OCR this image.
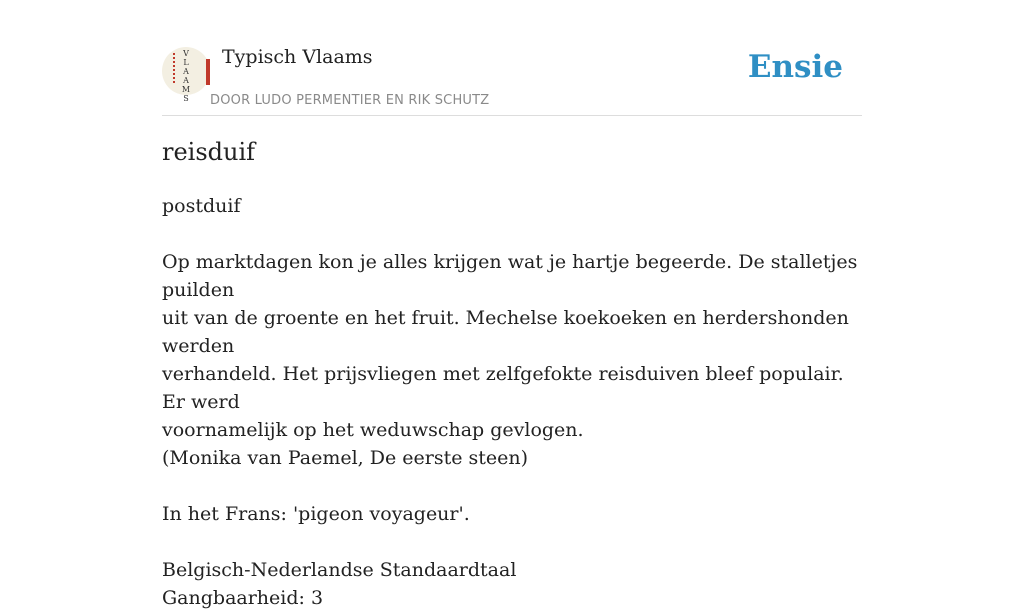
V L A A M S
Typisch Vlaams
DOOR LUDO PERMENTIER EN RIK SCHUTZ
Ensie
reisduif

postduif

Op marktdagen kon je alles krijgen wat je hartje begeerde. De stalletjes puilden

uit van de groente en het fruit. Mechelse koekoeken en herdershonden werden

verhandeld. Het prijsvliegen met zelfgefokte reisduiven bleef populair. Er werd

voornamelijk op het weduwschap gevlogen.

(Monika van Paemel, De eerste steen)

In het Frans: 'pigeon voyageur'.

Belgisch-Nederlandse Standaardtaal

Gangbaarheid: 3
